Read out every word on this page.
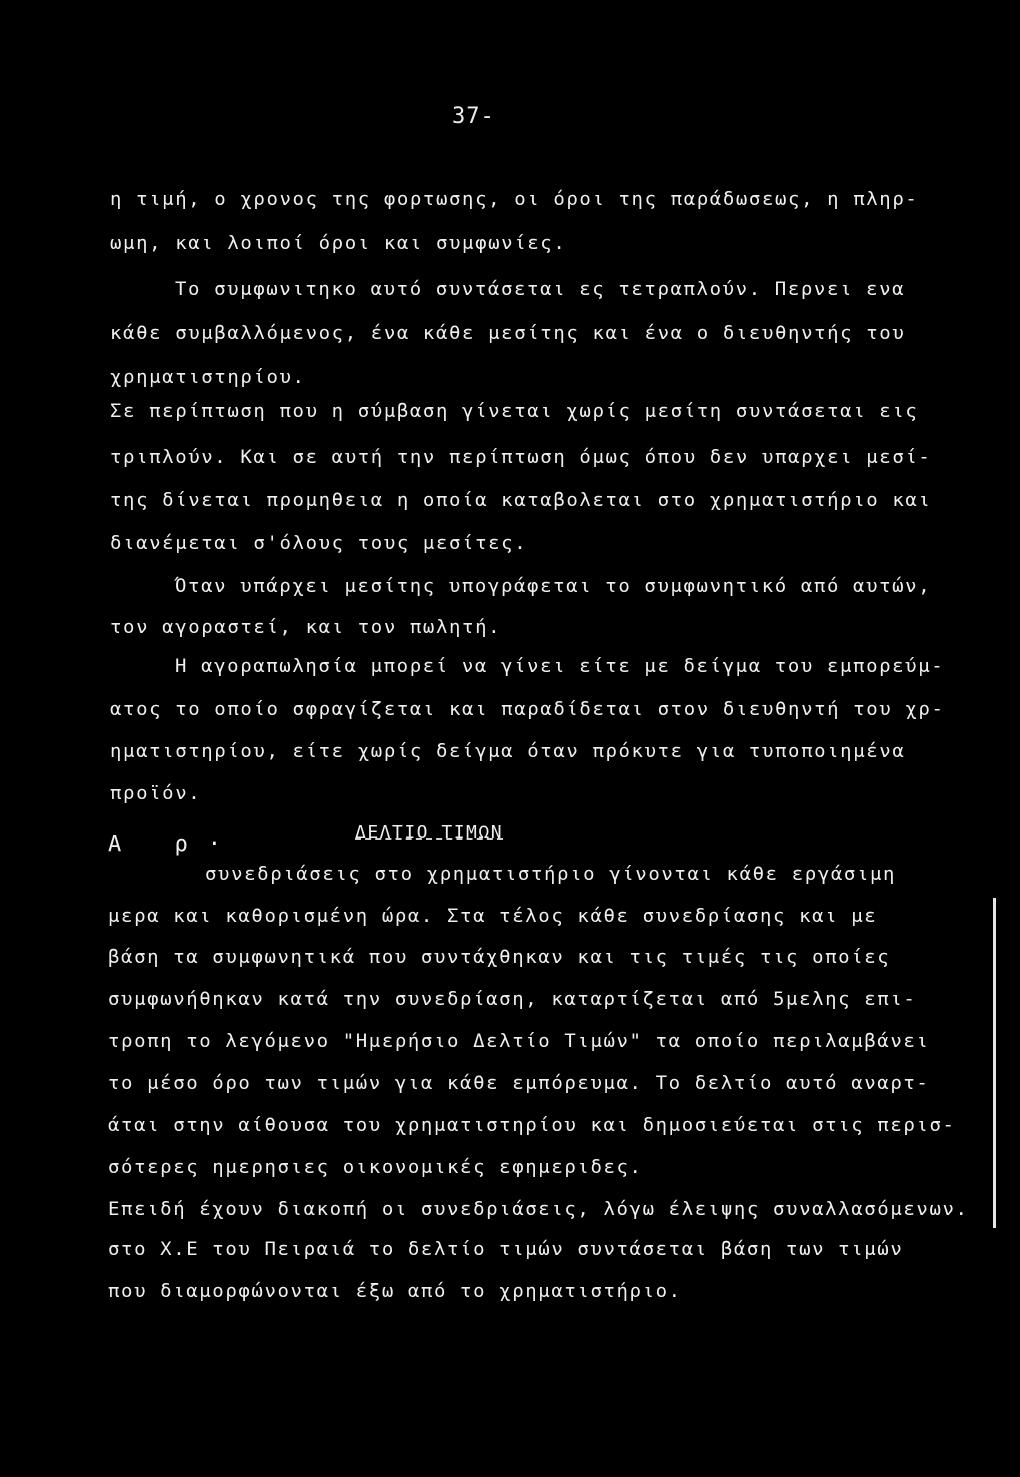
37-
η τιμή, ο χρονος της φορτωσης, οι όροι της παράδωσεως, η πληρ-
ωμη, και λοιποί όροι και συμφωνίες.
Το συμφωνιτηκο αυτό συντάσεται ες τετραπλούν. Περνει ενα
κάθε συμβαλλόμενος, ένα κάθε μεσίτης και ένα ο διευθηντής του
χρηματιστηρίου.
Σε περίπτωση που η σύμβαση γίνεται χωρίς μεσίτη συντάσεται εις
τριπλούν. Και σε αυτή την περίπτωση όμως όπου δεν υπαρχει μεσί-
της δίνεται προμηθεια η οποία καταβολεται στο χρηματιστήριο και
διανέμεται σ'όλους τους μεσίτες.
Όταν υπάρχει μεσίτης υπογράφεται το συμφωνητικό από αυτών,
τον αγοραστεί, και τον πωλητή.
Η αγοραπωλησία μπορεί να γίνει είτε με δείγμα του εμπορεύμ-
ατος το οποίο σφραγίζεται και παραδίδεται στον διευθηντή του χρ-
ηματιστηρίου, είτε χωρίς δείγμα όταν πρόκυτε για τυποποιημένα
προϊόν.
ΔΕΛΤΙΟ ΤΙΜΩΝ
Α ρ·
συνεδριάσεις στο χρηματιστήριο γίνονται κάθε εργάσιμη
μερα και καθορισμένη ώρα. Στα τέλος κάθε συνεδρίασης και με
βάση τα συμφωνητικά που συντάχθηκαν και τις τιμές τις οποίες
συμφωνήθηκαν κατά την συνεδρίαση, καταρτίζεται από 5μελης επι-
τροπη το λεγόμενο "Ημερήσιο Δελτίο Τιμών" τα οποίο περιλαμβάνει
το μέσο όρο των τιμών για κάθε εμπόρευμα. Το δελτίο αυτό αναρτ-
άται στην αίθουσα του χρηματιστηρίου και δημοσιεύεται στις περισ-
σότερες ημερησιες οικονομικές εφημεριδες.
Επειδή έχουν διακοπή οι συνεδριάσεις, λόγω έλειψης συναλλασόμενων.
στο Χ.Ε του Πειραιά το δελτίο τιμών συντάσεται βάση των τιμών
που διαμορφώνονται έξω από το χρηματιστήριο.
